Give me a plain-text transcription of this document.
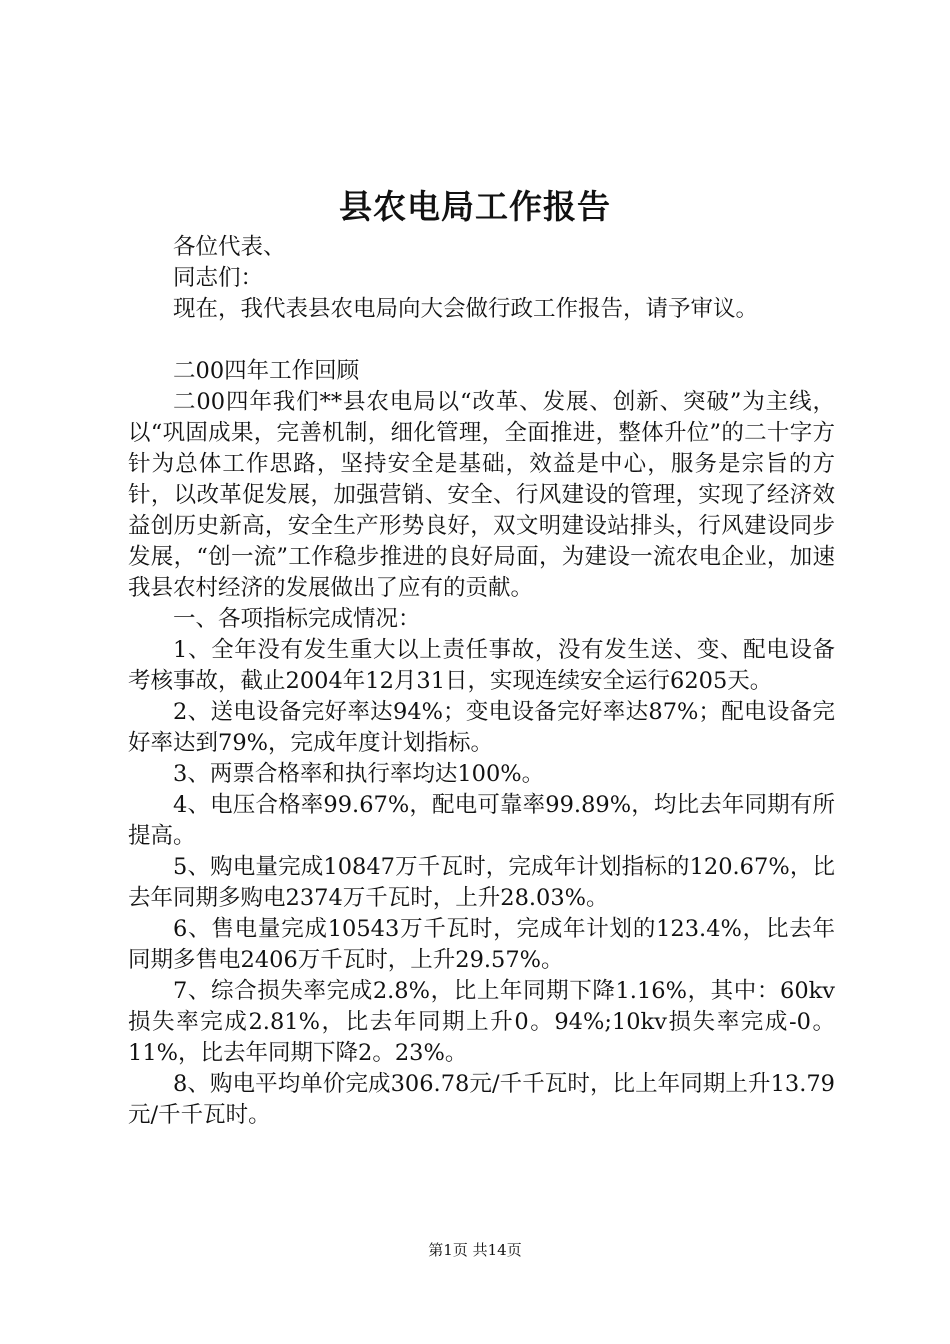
县农电局工作报告

各位代表、

同志们：

现在，我代表县农电局向大会做行政工作报告，请予审议。

二00四年工作回顾

二00四年我们**县农电局以“改革、发展、创新、突破”为主线，以“巩固成果，完善机制，细化管理，全面推进，整体升位”的二十字方针为总体工作思路，坚持安全是基础，效益是中心，服务是宗旨的方针，以改革促发展，加强营销、安全、行风建设的管理，实现了经济效益创历史新高，安全生产形势良好，双文明建设站排头，行风建设同步发展，“创一流”工作稳步推进的良好局面，为建设一流农电企业，加速我县农村经济的发展做出了应有的贡献。

一、各项指标完成情况：

1、全年没有发生重大以上责任事故，没有发生送、变、配电设备考核事故，截止2004年12月31日，实现连续安全运行6205天。

2、送电设备完好率达94%；变电设备完好率达87%；配电设备完好率达到79%，完成年度计划指标。

3、两票合格率和执行率均达100%。

4、电压合格率99.67%，配电可靠率99.89%，均比去年同期有所提高。

5、购电量完成10847万千瓦时，完成年计划指标的120.67%，比去年同期多购电2374万千瓦时，上升28.03%。

6、售电量完成10543万千瓦时，完成年计划的123.4%，比去年同期多售电2406万千瓦时，上升29.57%。

7、综合损失率完成2.8%，比上年同期下降1.16%，其中：60kv损失率完成2.81%，比去年同期上升0。94%;10kv损失率完成-0。11%，比去年同期下降2。23%。

8、购电平均单价完成306.78元/千千瓦时，比上年同期上升13.79元/千千瓦时。

第1页 共14页
